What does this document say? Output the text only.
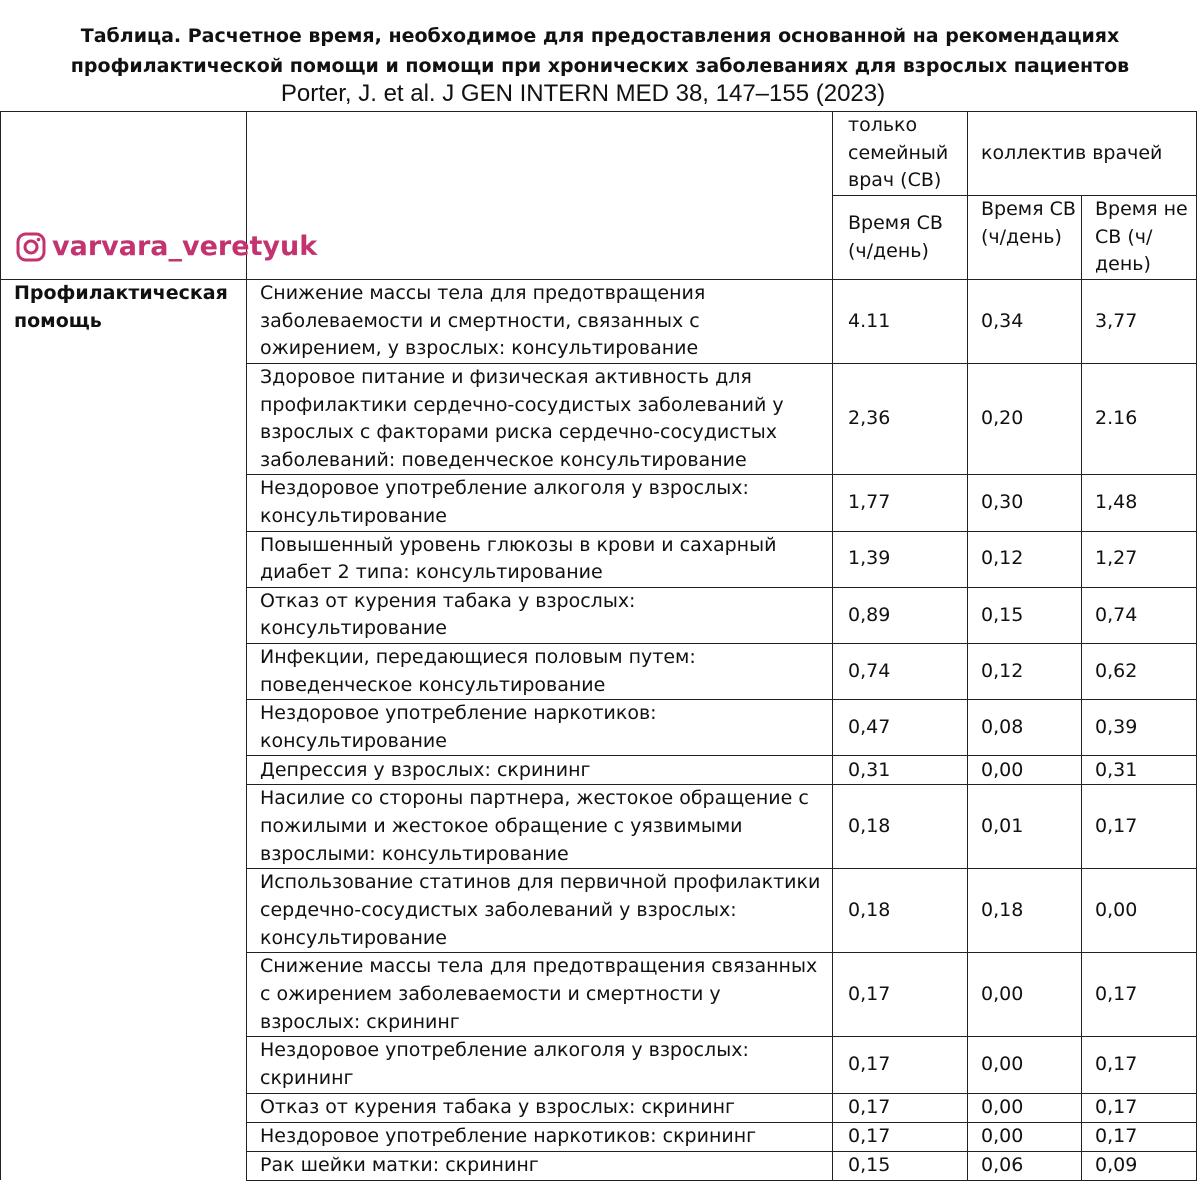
Таблица. Расчетное время, необходимое для предоставления основанной на рекомендациях
профилактической помощи и помощи при хронических заболеваниях для взрослых пациентов
Porter, J. et al. J GEN INTERN MED 38, 147–155 (2023)
		только семейный врач (СВ)	коллектив врачей	
		Время СВ (ч/день)	Время СВ (ч/день)	Время не СВ (ч/день)
Профилактическая помощь	Снижение массы тела для предотвращения заболеваемости и смертности, связанных с ожирением, у взрослых: консультирование	4.11	0,34	3,77
	Здоровое питание и физическая активность для профилактики сердечно-сосудистых заболеваний у взрослых с факторами риска сердечно-сосудистых заболеваний: поведенческое консультирование	2,36	0,20	2.16
	Нездоровое употребление алкоголя у взрослых: консультирование	1,77	0,30	1,48
	Повышенный уровень глюкозы в крови и сахарный диабет 2 типа: консультирование	1,39	0,12	1,27
	Отказ от курения табака у взрослых: консультирование	0,89	0,15	0,74
	Инфекции, передающиеся половым путем: поведенческое консультирование	0,74	0,12	0,62
	Нездоровое употребление наркотиков: консультирование	0,47	0,08	0,39
	Депрессия у взрослых: скрининг	0,31	0,00	0,31
	Насилие со стороны партнера, жестокое обращение с пожилыми и жестокое обращение с уязвимыми взрослыми: консультирование	0,18	0,01	0,17
	Использование статинов для первичной профилактики сердечно-сосудистых заболеваний у взрослых: консультирование	0,18	0,18	0,00
	Снижение массы тела для предотвращения связанных с ожирением заболеваемости и смертности у взрослых: скрининг	0,17	0,00	0,17
	Нездоровое употребление алкоголя у взрослых: скрининг	0,17	0,00	0,17
	Отказ от курения табака у взрослых: скрининг	0,17	0,00	0,17
	Нездоровое употребление наркотиков: скрининг	0,17	0,00	0,17
	Рак шейки матки: скрининг	0,15	0,06	0,09
varvara_veretyuk
